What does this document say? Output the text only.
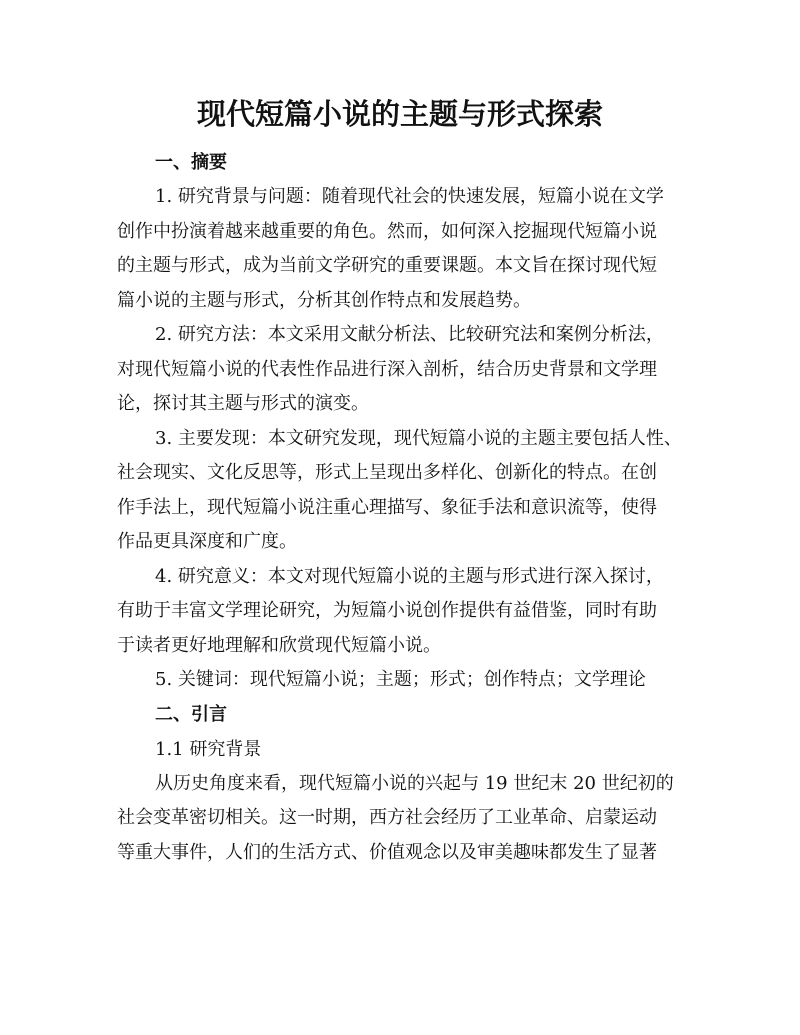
现代短篇小说的主题与形式探索

一、摘要

1. 研究背景与问题：随着现代社会的快速发展，短篇小说在文学
创作中扮演着越来越重要的角色。然而，如何深入挖掘现代短篇小说
的主题与形式，成为当前文学研究的重要课题。本文旨在探讨现代短
篇小说的主题与形式，分析其创作特点和发展趋势。

2. 研究方法：本文采用文献分析法、比较研究法和案例分析法，
对现代短篇小说的代表性作品进行深入剖析，结合历史背景和文学理
论，探讨其主题与形式的演变。

3. 主要发现：本文研究发现，现代短篇小说的主题主要包括人性、
社会现实、文化反思等，形式上呈现出多样化、创新化的特点。在创
作手法上，现代短篇小说注重心理描写、象征手法和意识流等，使得
作品更具深度和广度。

4. 研究意义：本文对现代短篇小说的主题与形式进行深入探讨，
有助于丰富文学理论研究，为短篇小说创作提供有益借鉴，同时有助
于读者更好地理解和欣赏现代短篇小说。

5. 关键词：现代短篇小说；主题；形式；创作特点；文学理论

二、引言

1.1 研究背景

从历史角度来看，现代短篇小说的兴起与 19 世纪末 20 世纪初的
社会变革密切相关。这一时期，西方社会经历了工业革命、启蒙运动
等重大事件，人们的生活方式、价值观念以及审美趣味都发生了显著
